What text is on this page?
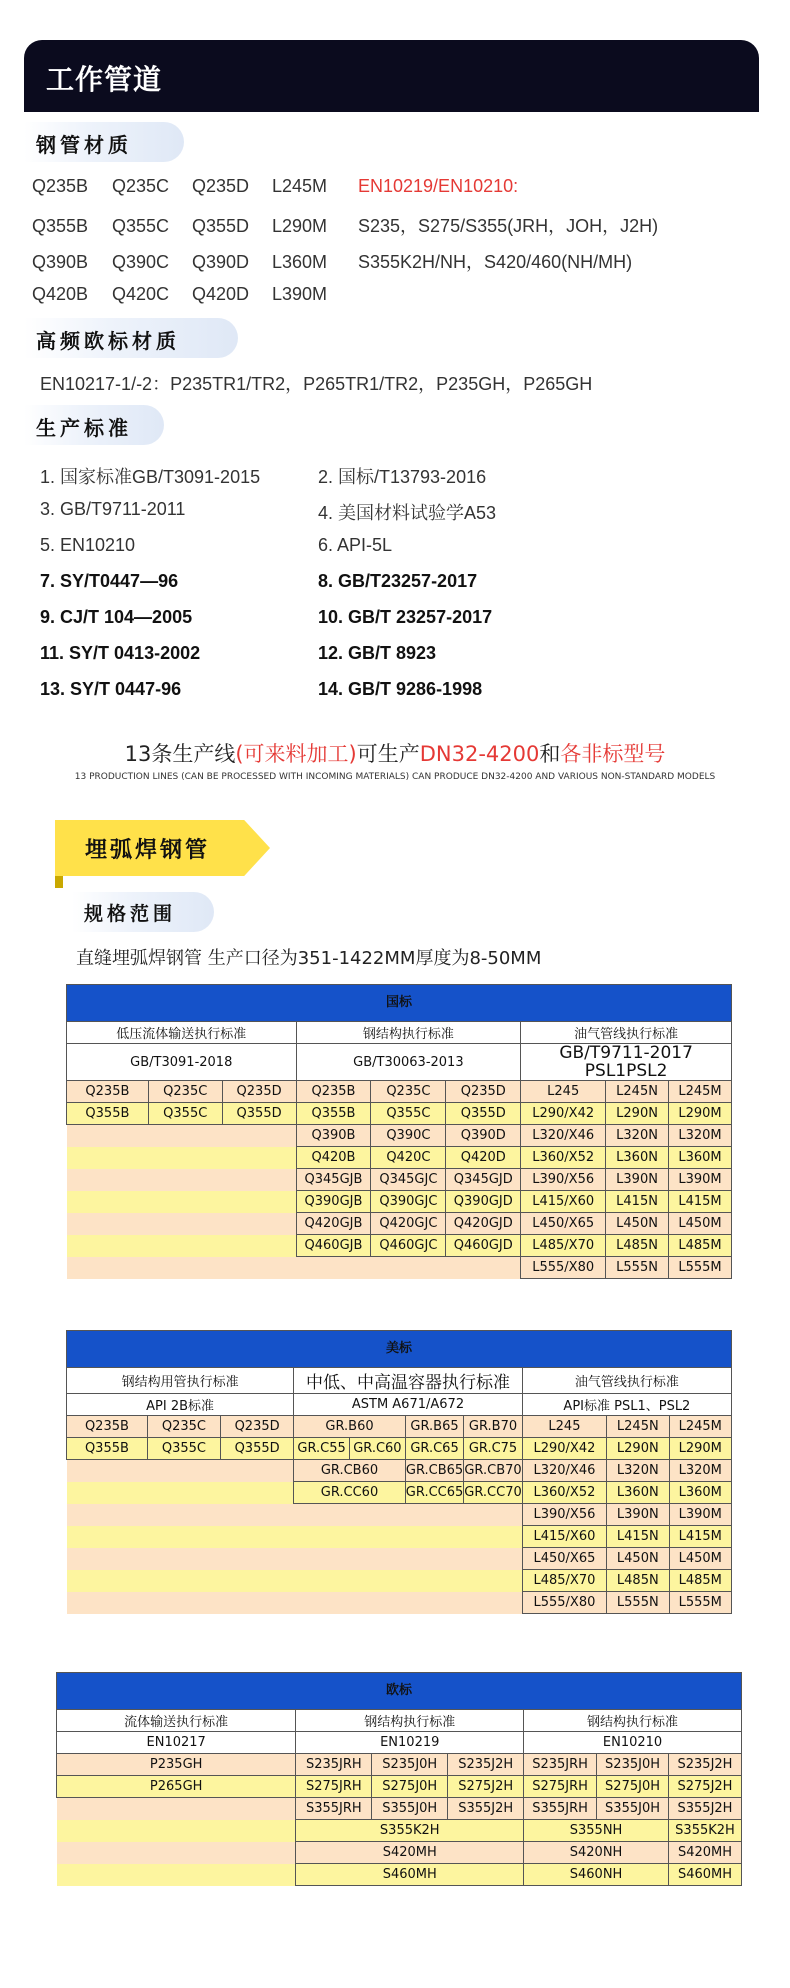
工作管道
钢管材质
Q235B Q235C Q235D L245M EN10219/EN10210:
Q355B Q355C Q355D L290M S235，S275/S355(JRH，JOH，J2H)
Q390B Q390C Q390D L360M S355K2H/NH，S420/460(NH/MH)
Q420B Q420C Q420D L390M
高频欧标材质
EN10217-1/-2：P235TR1/TR2，P265TR1/TR2，P235GH，P265GH
生产标准
1. 国家标准GB/T3091-2015	2. 国标/T13793-2016
3. GB/T9711-2011	4. 美国材料试验学A53
5. EN10210	6. API-5L
7. SY/T0447—96	8. GB/T23257-2017
9. CJ/T 104—2005	10. GB/T 23257-2017
11. SY/T 0413-2002	12. GB/T 8923
13. SY/T 0447-96	14. GB/T 9286-1998
13条生产线(可来料加工)可生产DN32-4200和各非标型号
13 PRODUCTION LINES (CAN BE PROCESSED WITH INCOMING MATERIALS) CAN PRODUCE DN32-4200 AND VARIOUS NON-STANDARD MODELS
埋弧焊钢管
规格范围
直缝埋弧焊钢管 生产口径为351-1422MM厚度为8-50MM
国标								
低压流体输送执行标准			钢结构执行标准			油气管线执行标准		
GB/T3091-2018			GB/T30063-2013			GB/T9711-2017 PSL1PSL2		
Q235B	Q235C	Q235D	Q235B	Q235C	Q235D	L245	L245N	L245M
Q355B	Q355C	Q355D	Q355B	Q355C	Q355D	L290/X42	L290N	L290M
			Q390B	Q390C	Q390D	L320/X46	L320N	L320M
			Q420B	Q420C	Q420D	L360/X52	L360N	L360M
			Q345GJB	Q345GJC	Q345GJD	L390/X56	L390N	L390M
			Q390GJB	Q390GJC	Q390GJD	L415/X60	L415N	L415M
			Q420GJB	Q420GJC	Q420GJD	L450/X65	L450N	L450M
			Q460GJB	Q460GJC	Q460GJD	L485/X70	L485N	L485M
						L555/X80	L555N	L555M
美标									
钢结构用管执行标准			中低、中高温容器执行标准				油气管线执行标准		
API 2B标准			ASTM A671/A672				API标准 PSL1、PSL2		
Q235B	Q235C	Q235D	GR.B60		GR.B65	GR.B70	L245	L245N	L245M
Q355B	Q355C	Q355D	GR.C55	GR.C60	GR.C65	GR.C75	L290/X42	L290N	L290M
			GR.CB60		GR.CB65	GR.CB70	L320/X46	L320N	L320M
			GR.CC60		GR.CC65	GR.CC70	L360/X52	L360N	L360M
							L390/X56	L390N	L390M
							L415/X60	L415N	L415M
							L450/X65	L450N	L450M
							L485/X70	L485N	L485M
							L555/X80	L555N	L555M
欧标						
流体输送执行标准	钢结构执行标准			钢结构执行标准		
EN10217	EN10219			EN10210		
P235GH	S235JRH	S235J0H	S235J2H	S235JRH	S235J0H	S235J2H
P265GH	S275JRH	S275J0H	S275J2H	S275JRH	S275J0H	S275J2H
	S355JRH	S355J0H	S355J2H	S355JRH	S355J0H	S355J2H
	S355K2H			S355NH		S355K2H
	S420MH			S420NH		S420MH
	S460MH			S460NH		S460MH
